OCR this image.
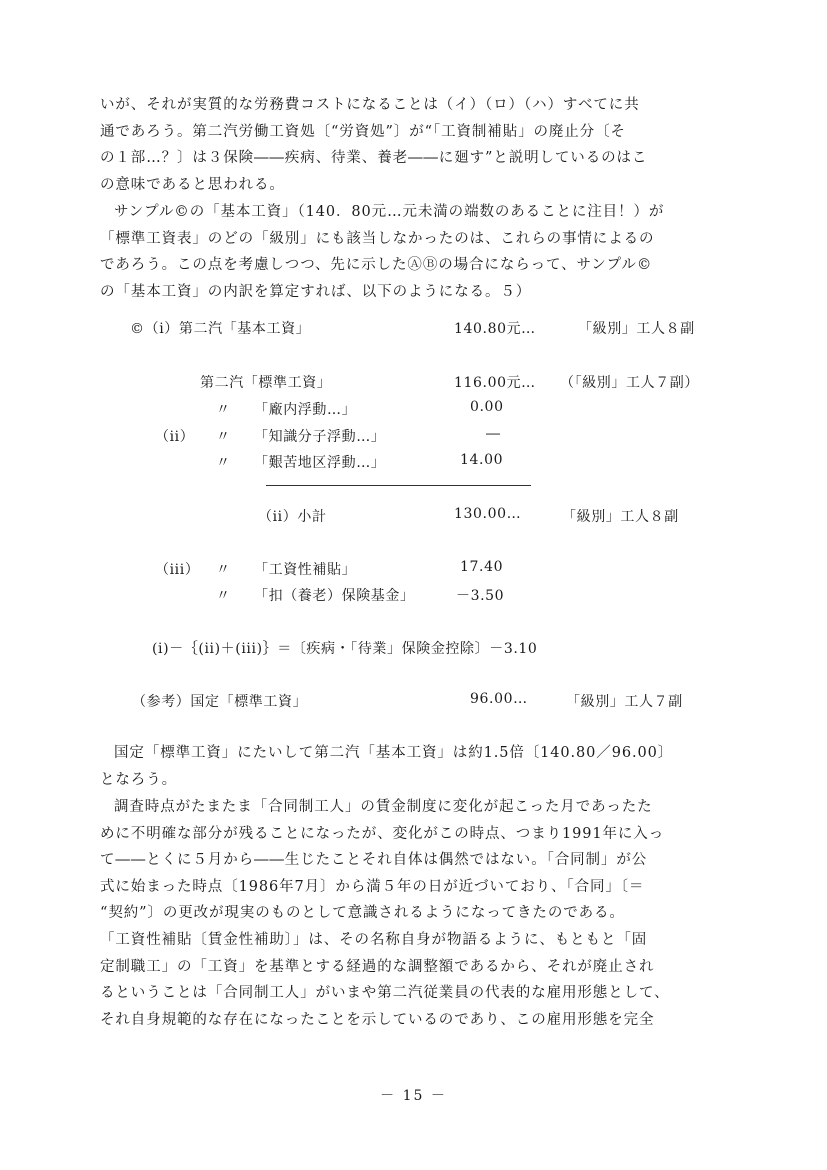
いが、それが実質的な労務費コストになることは（イ）（ロ）（ハ）すべてに共
通であろう。第二汽労働工資処〔“労資処”〕が“「工資制補貼」の廃止分〔そ
の１部…？〕は３保険――疾病、待業、養老――に廻す”と説明しているのはこ
の意味であると思われる。
サンプル©の「基本工資」（140．80元…元未満の端数のあることに注目！）が
「標準工資表」のどの「級別」にも該当しなかったのは、これらの事情によるの
であろう。この点を考慮しつつ、先に示したⒶⒷの場合にならって、サンプル©
の「基本工資」の内訳を算定すれば、以下のようになる。５）
©（i）第二汽「基本工資」	140.80元…	「級別」工人８副
第二汽「標準工資」	116.00元… （「級別」工人７副）
〃 「廠内浮動…」	0.00
（ii） 〃 「知識分子浮動…」	―
〃 「艱苦地区浮動…」	14.00
（ii）小計	130.00…	「級別」工人８副
（iii） 〃 「工資性補貼」	17.40
〃 「扣（養老）保険基金」	－3.50
(i)－｛(ii)＋(iii)｝＝〔疾病・「待業」保険金控除〕－3.10
（参考）国定「標準工資」	96.00…	「級別」工人７副
国定「標準工資」にたいして第二汽「基本工資」は約1.5倍〔140.80／96.00〕
となろう。
調査時点がたまたま「合同制工人」の賃金制度に変化が起こった月であったた
めに不明確な部分が残ることになったが、変化がこの時点、つまり1991年に入っ
て――とくに５月から――生じたことそれ自体は偶然ではない。「合同制」が公
式に始まった時点〔1986年7月〕から満５年の日が近づいており、「合同」〔＝
“契約”〕の更改が現実のものとして意識されるようになってきたのである。
「工資性補貼〔賃金性補助〕」は、その名称自身が物語るように、もともと「固
定制職工」の「工資」を基準とする経過的な調整額であるから、それが廃止され
るということは「合同制工人」がいまや第二汽従業員の代表的な雇用形態として、
それ自身規範的な存在になったことを示しているのであり、この雇用形態を完全
－ 15 －
